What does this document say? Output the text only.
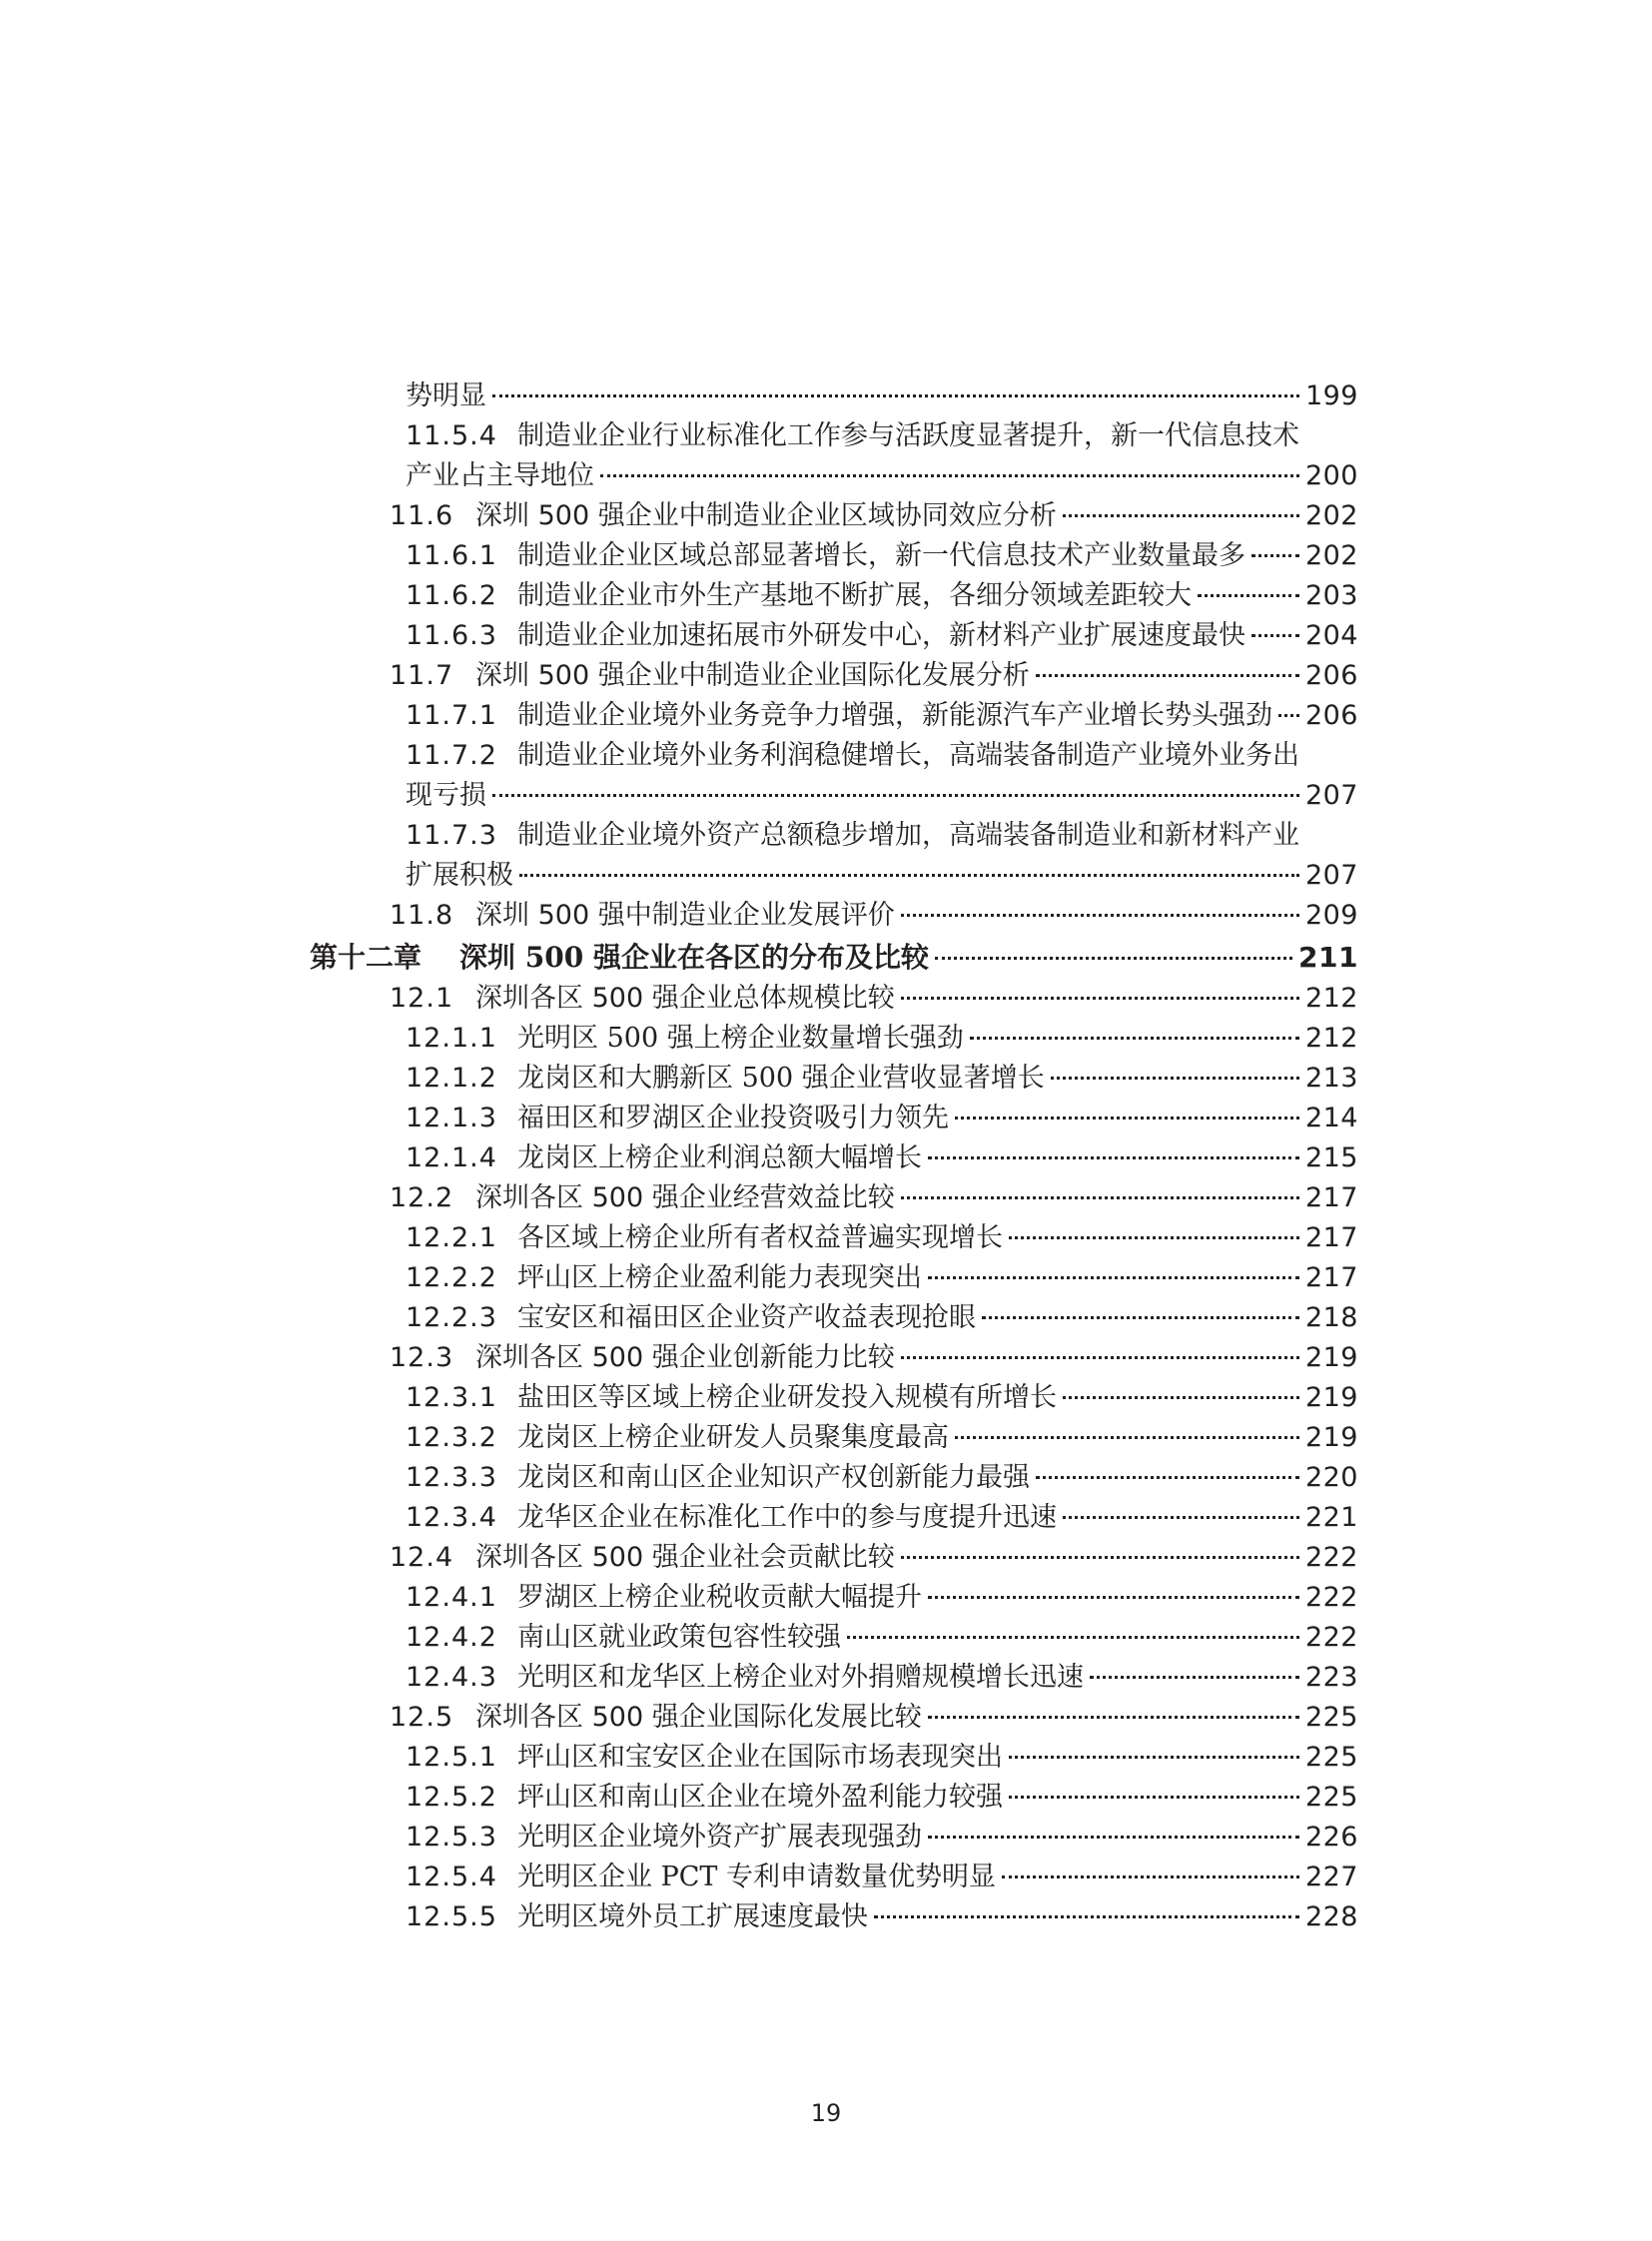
势明显	199
11.5.4 制造业企业行业标准化工作参与活跃度显著提升，新一代信息技术
产业占主导地位	200
11.6 深圳 500 强企业中制造业企业区域协同效应分析	202
11.6.1 制造业企业区域总部显著增长，新一代信息技术产业数量最多 202
11.6.2 制造业企业市外生产基地不断扩展，各细分领域差距较大	203
11.6.3 制造业企业加速拓展市外研发中心，新材料产业扩展速度最快 204
11.7 深圳 500 强企业中制造业企业国际化发展分析	206
11.7.1 制造业企业境外业务竞争力增强，新能源汽车产业增长势头强劲 206
11.7.2 制造业企业境外业务利润稳健增长，高端装备制造产业境外业务出
现亏损	207
11.7.3 制造业企业境外资产总额稳步增加，高端装备制造业和新材料产业
扩展积极	207
11.8 深圳 500 强中制造业企业发展评价	209
第十二章	深圳 500 强企业在各区的分布及比较	211
12.1 深圳各区 500 强企业总体规模比较	212
12.1.1 光明区 500 强上榜企业数量增长强劲	212
12.1.2 龙岗区和大鹏新区 500 强企业营收显著增长	213
12.1.3 福田区和罗湖区企业投资吸引力领先	214
12.1.4 龙岗区上榜企业利润总额大幅增长	215
12.2 深圳各区 500 强企业经营效益比较	217
12.2.1 各区域上榜企业所有者权益普遍实现增长	217
12.2.2 坪山区上榜企业盈利能力表现突出	217
12.2.3 宝安区和福田区企业资产收益表现抢眼	218
12.3 深圳各区 500 强企业创新能力比较	219
12.3.1 盐田区等区域上榜企业研发投入规模有所增长	219
12.3.2 龙岗区上榜企业研发人员聚集度最高	219
12.3.3 龙岗区和南山区企业知识产权创新能力最强	220
12.3.4 龙华区企业在标准化工作中的参与度提升迅速	221
12.4 深圳各区 500 强企业社会贡献比较	222
12.4.1 罗湖区上榜企业税收贡献大幅提升	222
12.4.2 南山区就业政策包容性较强	222
12.4.3 光明区和龙华区上榜企业对外捐赠规模增长迅速	223
12.5 深圳各区 500 强企业国际化发展比较	225
12.5.1 坪山区和宝安区企业在国际市场表现突出	225
12.5.2 坪山区和南山区企业在境外盈利能力较强	225
12.5.3 光明区企业境外资产扩展表现强劲	226
12.5.4 光明区企业 PCT 专利申请数量优势明显	227
12.5.5 光明区境外员工扩展速度最快	228
19
